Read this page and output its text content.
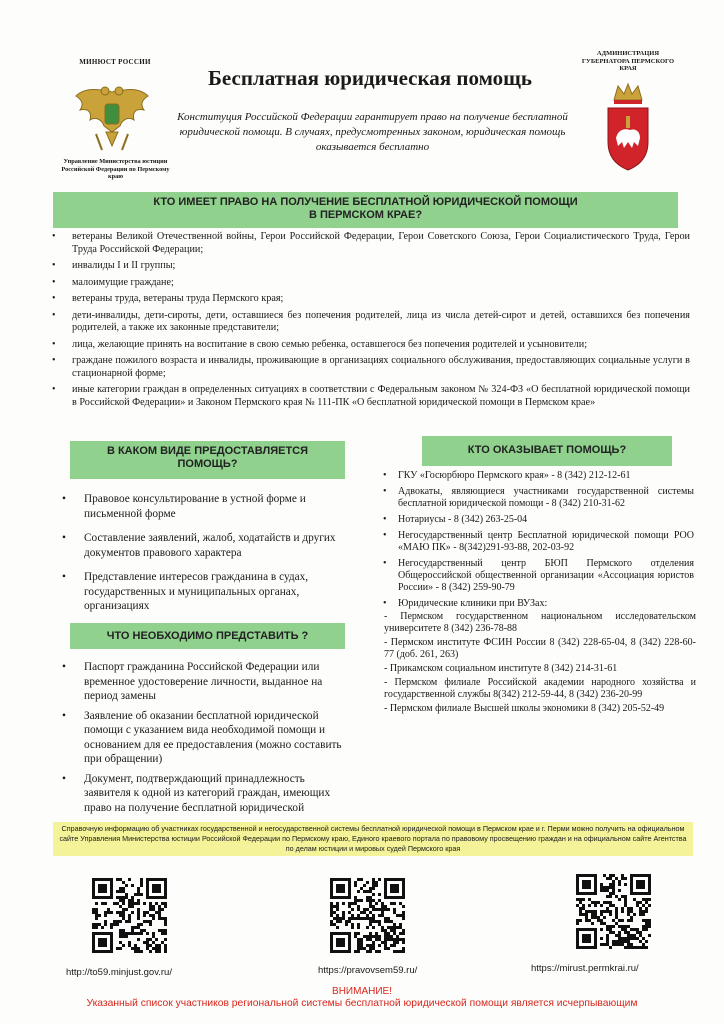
МИНЮСТ РОССИИ
Управление Министерства юстиции Российской Федерации по Пермскому краю
Бесплатная юридическая помощь
Конституция Российской Федерации гарантирует право на получение бесплатной юридической помощи. В случаях, предусмотренных законом, юридическая помощь оказывается бесплатно
АДМИНИСТРАЦИЯ ГУБЕРНАТОРА ПЕРМСКОГО КРАЯ
КТО ИМЕЕТ ПРАВО НА ПОЛУЧЕНИЕ БЕСПЛАТНОЙ ЮРИДИЧЕСКОЙ ПОМОЩИ
В ПЕРМСКОМ КРАЕ?
• ветераны Великой Отечественной войны, Герои Российской Федерации, Герои Советского Союза, Герои Социалистического Труда, Герои Труда Российской Федерации;
• инвалиды I и II группы;
• малоимущие граждане;
• ветераны труда, ветераны труда Пермского края;
• дети-инвалиды, дети-сироты, дети, оставшиеся без попечения родителей, лица из числа детей-сирот и детей, оставшихся без попечения родителей, а также их законные представители;
• лица, желающие принять на воспитание в свою семью ребенка, оставшегося без попечения родителей и усыновители;
• граждане пожилого возраста и инвалиды, проживающие в организациях социального обслуживания, предоставляющих социальные услуги в стационарной форме;
• иные категории граждан в определенных ситуациях в соответствии с Федеральным законом № 324-ФЗ «О бесплатной юридической помощи в Российской Федерации» и Законом Пермского края № 111-ПК «О бесплатной юридической помощи в Пермском крае»
В КАКОМ ВИДЕ ПРЕДОСТАВЛЯЕТСЯ
ПОМОЩЬ?
• Правовое консультирование в устной форме и письменной форме
• Составление заявлений, жалоб, ходатайств и других документов правового характера
• Представление интересов гражданина в судах, государственных и муниципальных органах, организациях
ЧТО НЕОБХОДИМО ПРЕДСТАВИТЬ ?
• Паспорт гражданина Российской Федерации или временное удостоверение личности, выданное на период замены
• Заявление об оказании бесплатной юридической помощи с указанием вида необходимой помощи и основанием для ее предоставления (можно составить при обращении)
• Документ, подтверждающий принадлежность заявителя к одной из категорий граждан, имеющих право на получение бесплатной юридической
КТО ОКАЗЫВАЕТ ПОМОЩЬ?
• ГКУ «Госюрбюро Пермского края» - 8 (342) 212-12-61
• Адвокаты, являющиеся участниками государственной системы бесплатной юридической помощи - 8 (342) 210-31-62
• Нотариусы - 8 (342) 263-25-04
• Негосударственный центр Бесплатной юридической помощи РОО «МАЮ ПК» - 8(342)291-93-88, 202-03-92
• Негосударственный центр БЮП Пермского отделения Общероссийской общественной организации «Ассоциация юристов России» - 8 (342) 259-90-79
• Юридические клиники при ВУЗах:
- Пермском государственном национальном исследовательском университете 8 (342) 236-78-88
- Пермском институте ФСИН России 8 (342) 228-65-04, 8 (342) 228-60-77 (доб. 261, 263)
- Прикамском социальном институте 8 (342) 214-31-61
- Пермском филиале Российской академии народного хозяйства и государственной службы 8(342) 212-59-44, 8 (342) 236-20-99
- Пермском филиале Высшей школы экономики 8 (342) 205-52-49
Справочную информацию об участниках государственной и негосударственной системы бесплатной юридической помощи в Пермском крае и г. Перми можно получить на официальном сайте Управления Министерства юстиции Российской Федерации по Пермскому краю, Единого краевого портала по правовому просвещению граждан и на официальном сайте Агентства по делам юстиции и мировых судей Пермского края
http://to59.minjust.gov.ru/	https://pravovsem59.ru/	https://mirust.permkrai.ru/
ВНИМАНИЕ!
Указанный список участников региональной системы бесплатной юридической помощи является исчерпывающим
